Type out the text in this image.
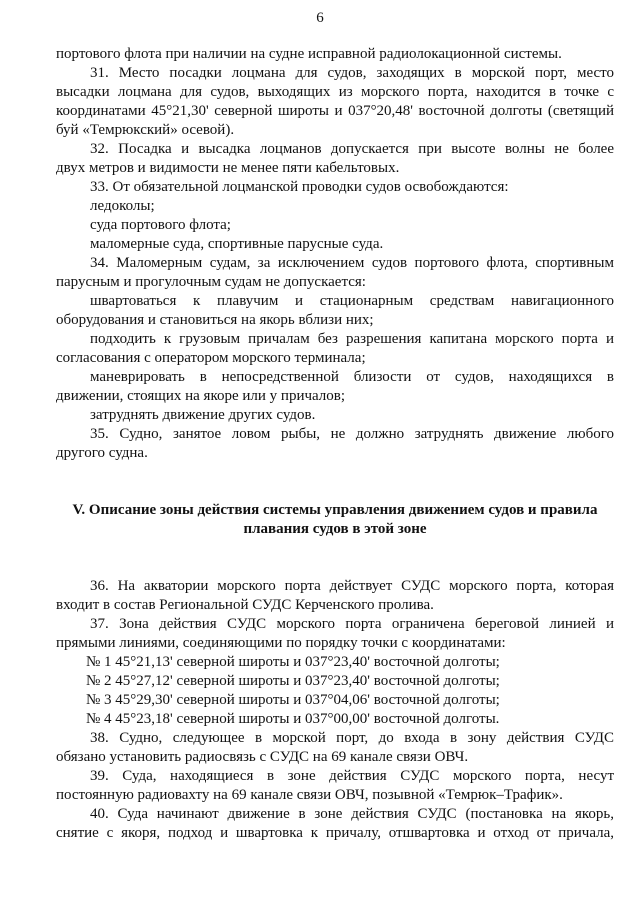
6
портового флота при наличии на судне исправной радиолокационной системы.
31. Место посадки лоцмана для судов, заходящих в морской порт, место
высадки лоцмана для судов, выходящих из морского порта, находится в точке с
координатами 45°21,30' северной широты и 037°20,48' восточной долготы (светящий
буй «Темрюкский» осевой).
32. Посадка и высадка лоцманов допускается при высоте волны не более
двух метров и видимости не менее пяти кабельтовых.
33. От обязательной лоцманской проводки судов освобождаются:
ледоколы;
суда портового флота;
маломерные суда, спортивные парусные суда.
34. Маломерным судам, за исключением судов портового флота, спортивным
парусным и прогулочным судам не допускается:
швартоваться к плавучим и стационарным средствам навигационного
оборудования и становиться на якорь вблизи них;
подходить к грузовым причалам без разрешения капитана морского порта и
согласования с оператором морского терминала;
маневрировать в непосредственной близости от судов, находящихся в
движении, стоящих на якоре или у причалов;
затруднять движение других судов.
35. Судно, занятое ловом рыбы, не должно затруднять движение любого
другого судна.
V. Описание зоны действия системы управления движением судов и правила
плавания судов в этой зоне
36. На акватории морского порта действует СУДС морского порта, которая
входит в состав Региональной СУДС Керченского пролива.
37. Зона действия СУДС морского порта ограничена береговой линией и
прямыми линиями, соединяющими по порядку точки с координатами:
№ 1 45°21,13' северной широты и 037°23,40' восточной долготы;
№ 2 45°27,12' северной широты и 037°23,40' восточной долготы;
№ 3 45°29,30' северной широты и 037°04,06' восточной долготы;
№ 4 45°23,18' северной широты и 037°00,00' восточной долготы.
38. Судно, следующее в морской порт, до входа в зону действия СУДС
обязано установить радиосвязь с СУДС на 69 канале связи ОВЧ.
39. Суда, находящиеся в зоне действия СУДС морского порта, несут
постоянную радиовахту на 69 канале связи ОВЧ, позывной «Темрюк–Трафик».
40. Суда начинают движение в зоне действия СУДС (постановка на якорь,
снятие с якоря, подход и швартовка к причалу, отшвартовка и отход от причала,
